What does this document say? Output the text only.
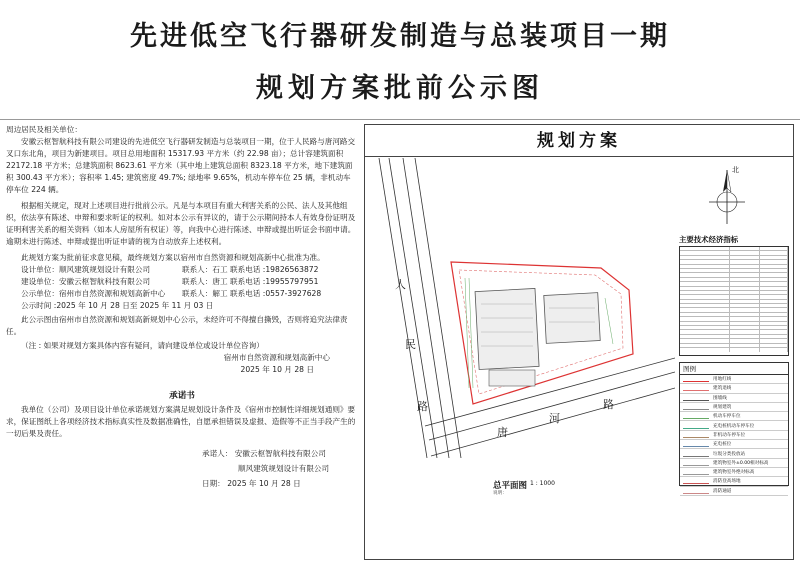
先进低空飞行器研发制造与总装项目一期
规划方案批前公示图

周边居民及相关单位：

安徽云枢智航科技有限公司建设的先进低空飞行器研发制造与总装项目一期，位于人民路与唐河路交叉口东北角，项目为新建项目。项目总用地面积 15317.93 平方米（约 22.98 亩）；总计容建筑面积 22172.18 平方米；总建筑面积 8623.61 平方米（其中地上建筑总面积 8323.18 平方米，地下建筑面积 300.43 平方米）；容积率 1.45; 建筑密度 49.7%; 绿地率 9.65%，机动车停车位 25 辆，非机动车停车位 224 辆。

根据相关规定，现对上述项目进行批前公示。凡是与本项目有重大利害关系的公民、法人及其他组织，依法享有陈述、申辩和要求听证的权利。如对本公示有异议的，请于公示期间持本人有效身份证明及证明利害关系的相关资料（如本人房屋所有权证）等，向我中心进行陈述、申辩或提出听证会书面申请。逾期未进行陈述、申辩或提出听证申请的视为自动放弃上述权利。

此规划方案为批前征求意见稿，最终规划方案以宿州市自然资源和规划高新中心批准为准。

设计单位：顺风建筑规划设计有限公司	联系人：石工 联系电话 :19826563872
建设单位：安徽云枢智航科技有限公司	联系人：唐工 联系电话 :19955797951
公示单位：宿州市自然资源和规划高新中心	联系人：解工 联系电话 :0557-3927628

公示时间 :2025 年 10 月 28 日至 2025 年 11 月 03 日

此公示图由宿州市自然资源和规划高新规划中心公示，未经许可不得擅自撕毁，否则将追究法律责任。

（注 : 如果对规划方案具体内容有疑问，请向建设单位或设计单位咨询）

宿州市自然资源和规划高新中心

2025 年 10 月 28 日

承诺书

我单位（公司）及项目设计单位承诺规划方案满足规划设计条件及《宿州市控制性详细规划通则》要求，保证图纸上各项经济技术指标真实性及数据准确性，自愿承担错误及虚报、造假等不正当手段产生的一切后果及责任。

承诺人： 安徽云枢智航科技有限公司

顺风建筑规划设计有限公司

日期： 2025 年 10 月 28 日

规划方案
人
民
路
唐
河
路
北
主要技术经济指标
图例
用地红线
建筑退线
围墙线
规划建筑
机动车停车位
充电桩机动车停车位
非机动车停车位
充电桩位
垃圾分类投放站
建筑物室外±0.00相对标高
建筑物室外绝对标高
消防登高场地
消防通道
总平面图 1 : 1000
说明：
